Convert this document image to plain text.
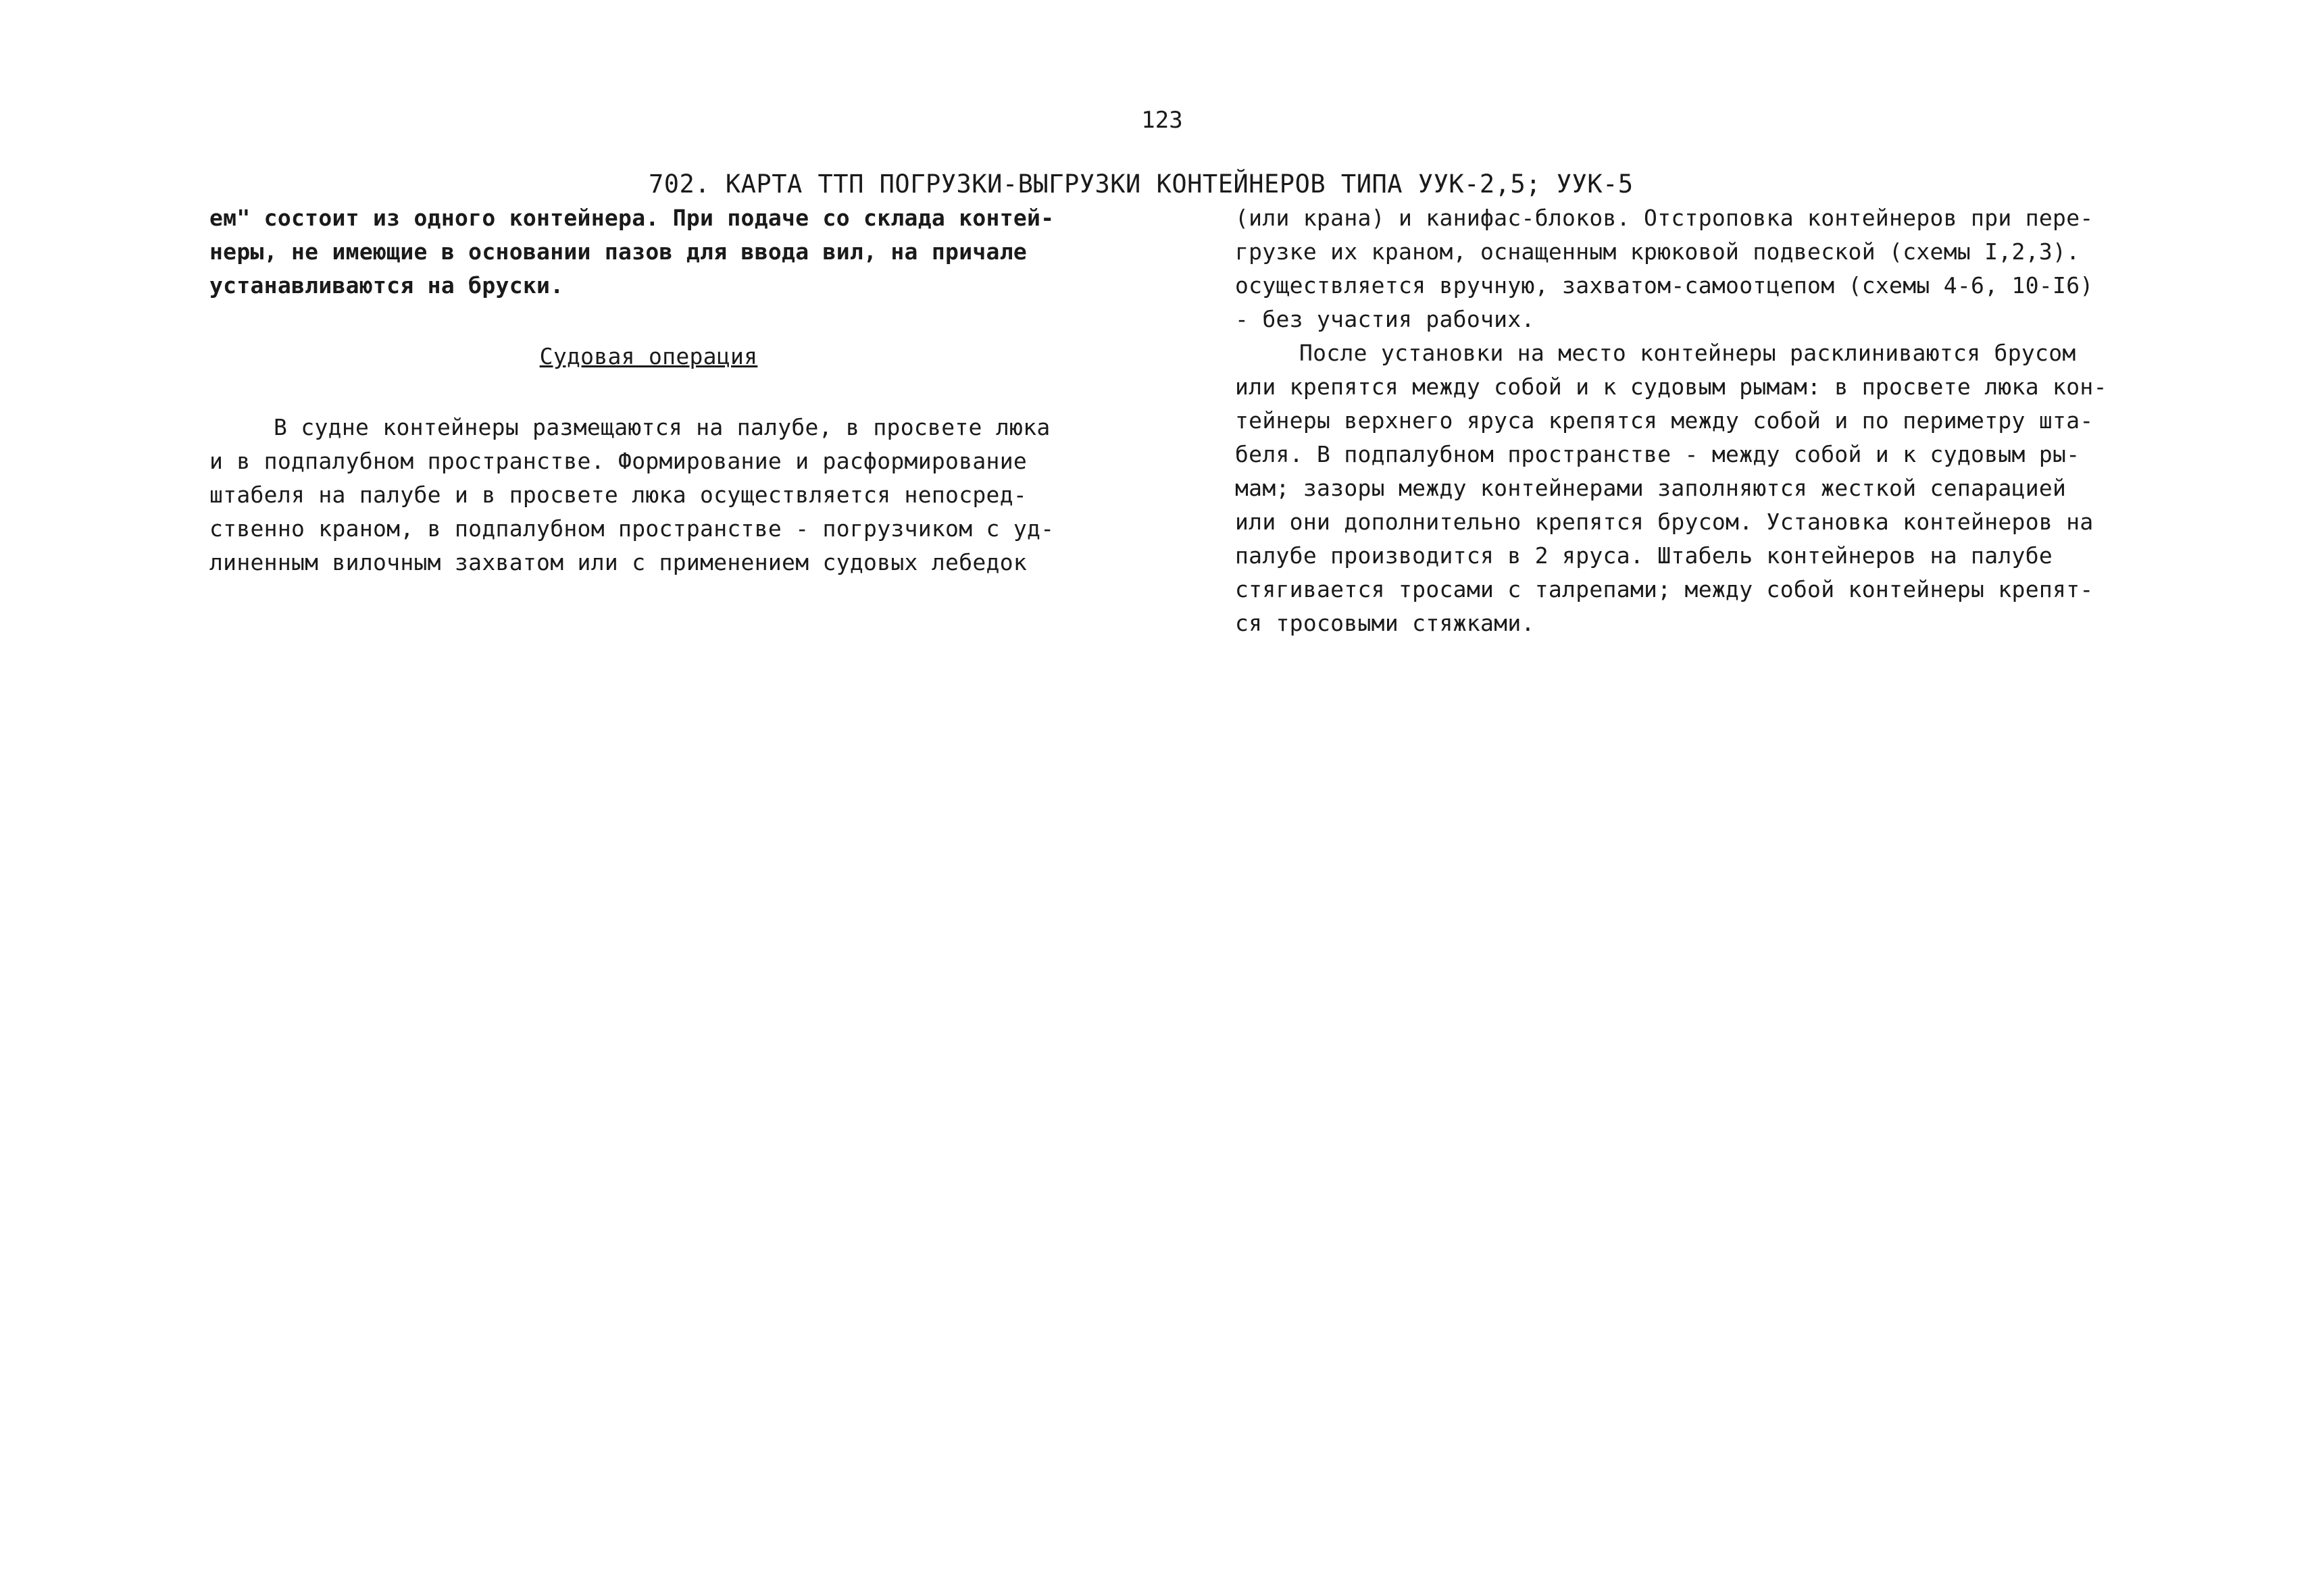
123
702. КАРТА ТТП ПОГРУЗКИ-ВЫГРУЗКИ КОНТЕЙНЕРОВ ТИПА УУК-2,5; УУК-5
ем" состоит из одного контейнера. При подаче со склада контей-
неры, не имеющие в основании пазов для ввода вил, на причале
устанавливаются на бруски.
Судовая операция
В судне контейнеры размещаются на палубе, в просвете люка
и в подпалубном пространстве. Формирование и расформирование
штабеля на палубе и в просвете люка осуществляется непосред-
ственно краном, в подпалубном пространстве - погрузчиком с уд-
линенным вилочным захватом или с применением судовых лебедок
(или крана) и канифас-блоков. Отстроповка контейнеров при пере-
грузке их краном, оснащенным крюковой подвеской (схемы I,2,3).
осуществляется вручную, захватом-самоотцепом (схемы 4-6, 10-I6)
- без участия рабочих.
После установки на место контейнеры расклиниваются брусом
или крепятся между собой и к судовым рымам: в просвете люка кон-
тейнеры верхнего яруса крепятся между собой и по периметру шта-
беля. В подпалубном пространстве - между собой и к судовым ры-
мам; зазоры между контейнерами заполняются жесткой сепарацией
или они дополнительно крепятся брусом. Установка контейнеров на
палубе производится в 2 яруса. Штабель контейнеров на палубе
стягивается тросами с талрепами; между собой контейнеры крепят-
ся тросовыми стяжками.
